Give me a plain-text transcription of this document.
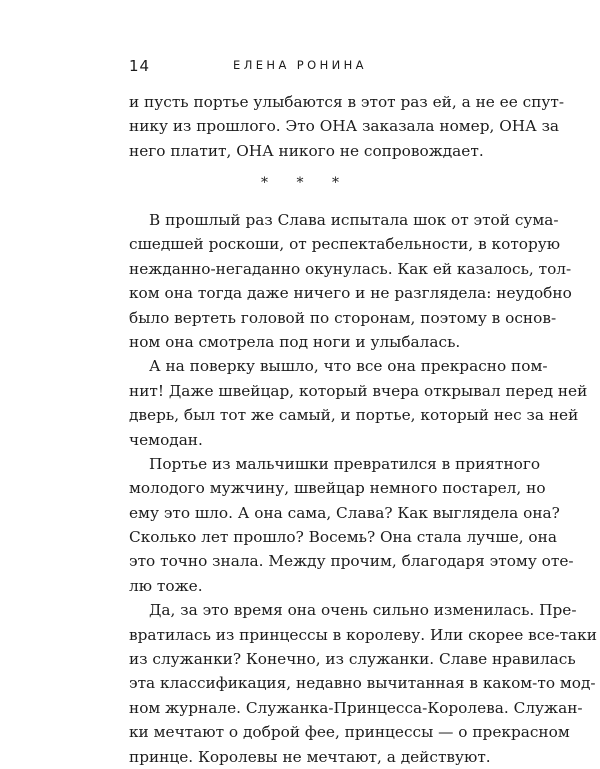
14	ЕЛЕНА РОНИНА
и пусть портье улыбаются в этот раз ей, а не ее спут-
нику из прошлого. Это ОНА заказала номер, ОНА за
него платит, ОНА никого не сопровождает.
* * *
В прошлый раз Слава испытала шок от этой сума-
сшедшей роскоши, от респектабельности, в которую
нежданно-негаданно окунулась. Как ей казалось, тол-
ком она тогда даже ничего и не разглядела: неудобно
было вертеть головой по сторонам, поэтому в основ-
ном она смотрела под ноги и улыбалась.
А на поверку вышло, что все она прекрасно пом-
нит! Даже швейцар, который вчера открывал перед ней
дверь, был тот же самый, и портье, который нес за ней
чемодан.
Портье из мальчишки превратился в приятного
молодого мужчину, швейцар немного постарел, но
ему это шло. А она сама, Слава? Как выглядела она?
Сколько лет прошло? Восемь? Она стала лучше, она
это точно знала. Между прочим, благодаря этому оте-
лю тоже.
Да, за это время она очень сильно изменилась. Пре-
вратилась из принцессы в королеву. Или скорее все-таки
из служанки? Конечно, из служанки. Славе нравилась
эта классификация, недавно вычитанная в каком-то мод-
ном журнале. Служанка-Принцесса-Королева. Служан-
ки мечтают о доброй фее, принцессы — о прекрасном
принце. Королевы не мечтают, а действуют.
